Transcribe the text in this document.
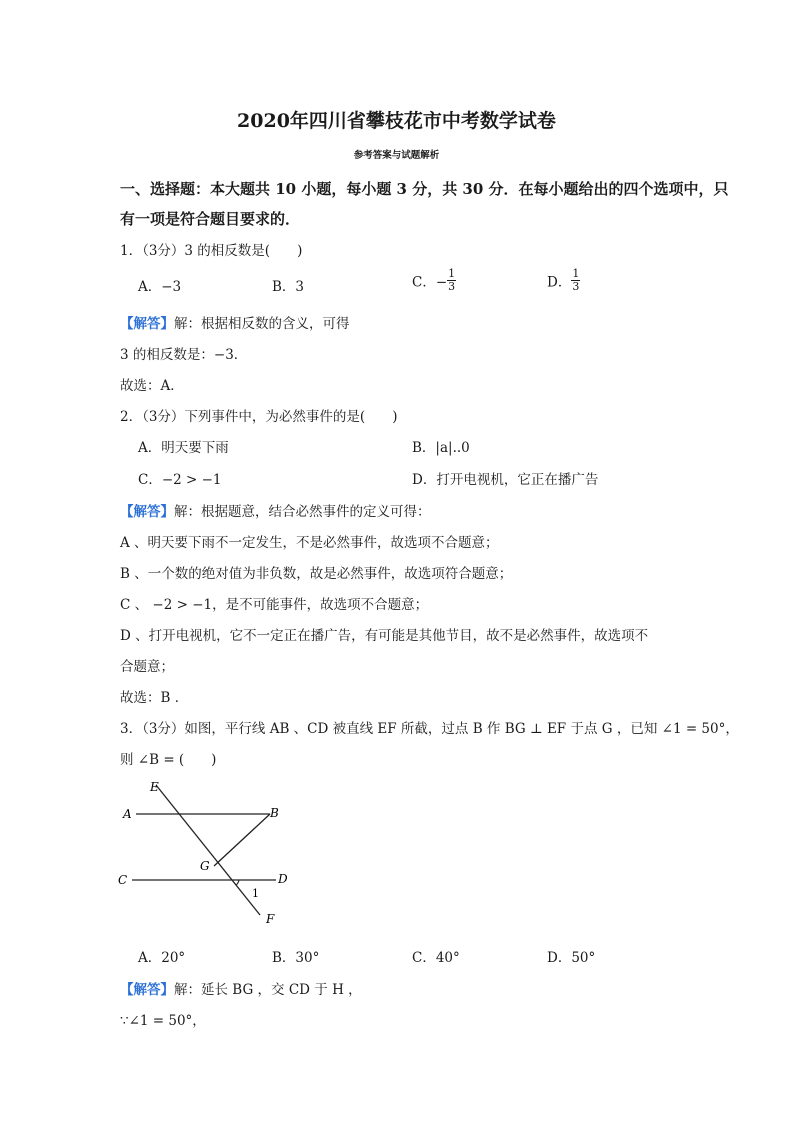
2020年四川省攀枝花市中考数学试卷
参考答案与试题解析
一、选择题：本大题共 10 小题，每小题 3 分，共 30 分．在每小题给出的四个选项中，只
有一项是符合题目要求的．
1．（3分）3 的相反数是(　　)
A．−3	B．3	C．− $\frac{1}{3}$	D． $\frac{1}{3}$
【解答】解：根据相反数的含义，可得
3 的相反数是：−3．
故选：A．
2．（3分）下列事件中，为必然事件的是(　　)
A．明天要下雨	B．|a|..0
C．−2 > −1	D．打开电视机，它正在播广告
【解答】解：根据题意，结合必然事件的定义可得：
A 、明天要下雨不一定发生，不是必然事件，故选项不合题意；
B 、一个数的绝对值为非负数，故是必然事件，故选项符合题意；
C 、 −2 > −1，是不可能事件，故选项不合题意；
D 、打开电视机，它不一定正在播广告，有可能是其他节目，故不是必然事件，故选项不
合题意；
故选：B ．
3．（3分）如图，平行线 AB 、CD 被直线 EF 所截，过点 B 作 BG ⊥ EF 于点 G ，已知 ∠1 = 50°，
则 ∠B = (　　)
E
A	B
G
C	D
1
F
A．20°	B．30°	C．40°	D．50°
【解答】解：延长 BG ，交 CD 于 H ，
∵∠1 = 50°，
